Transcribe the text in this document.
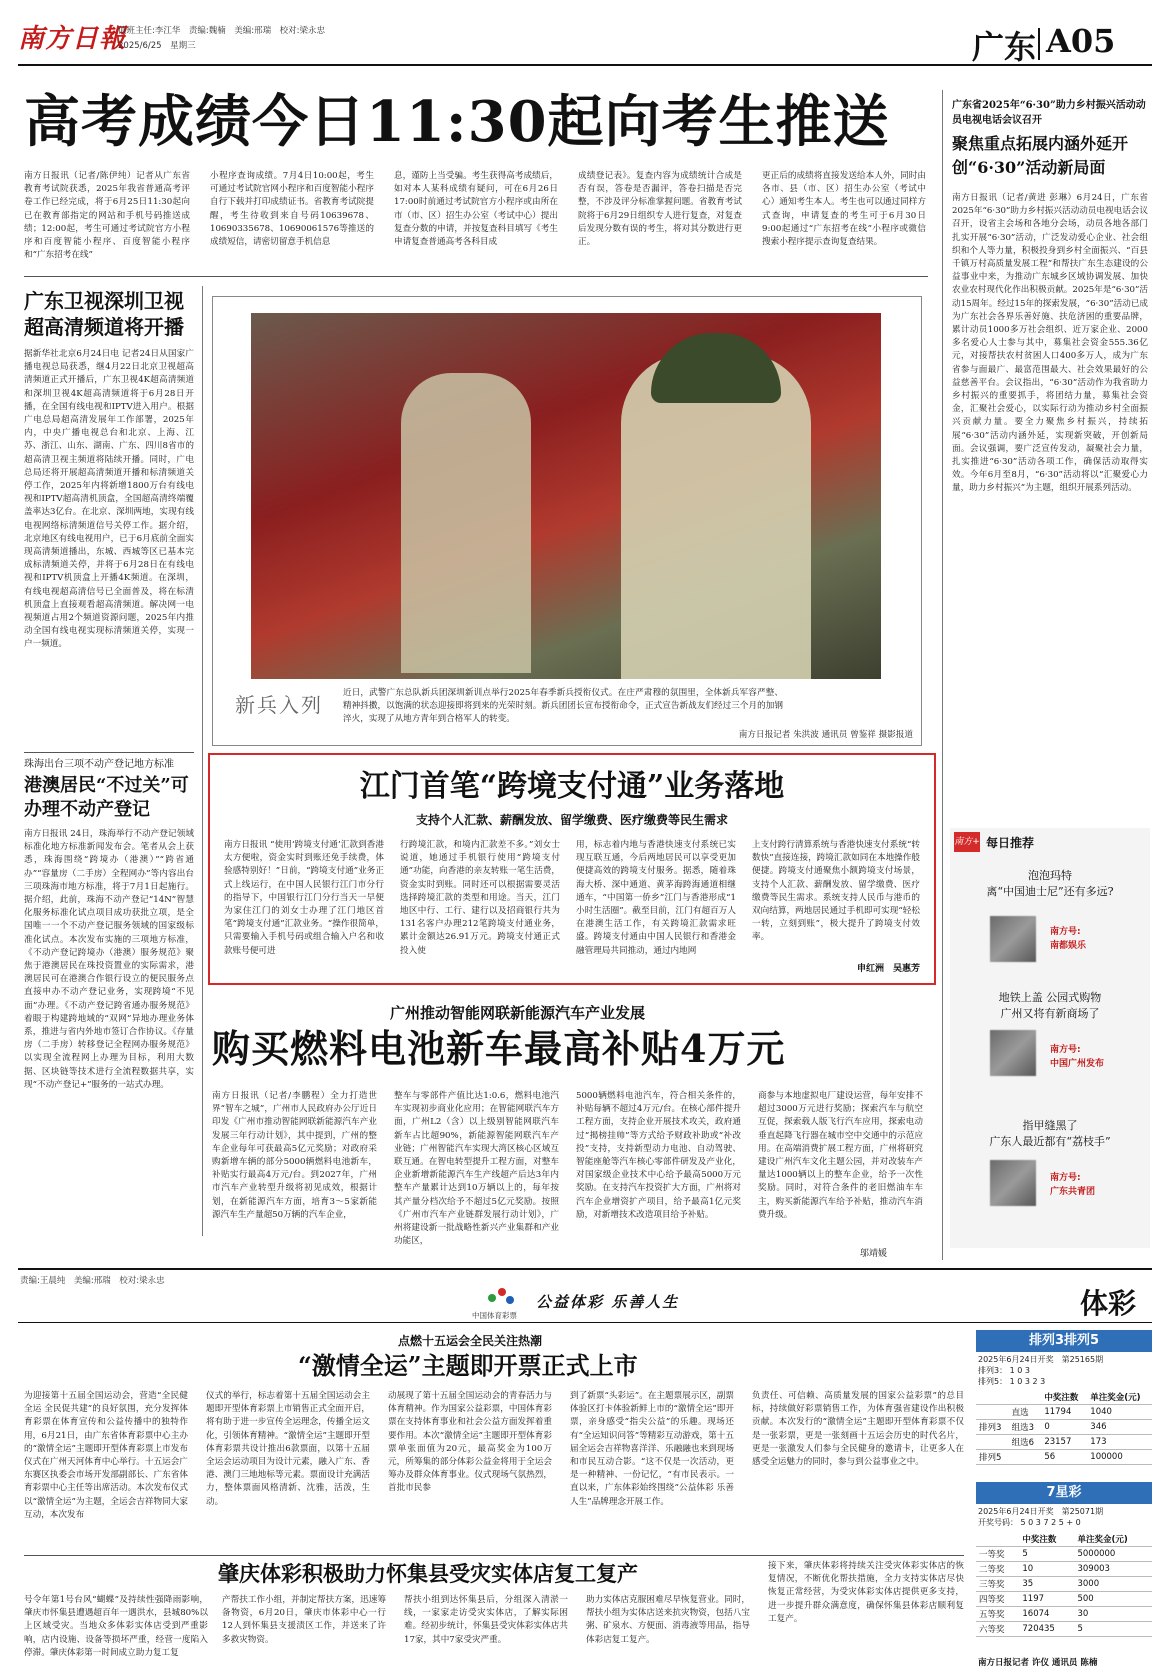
南方日報
值班主任:李江华　责编:魏楠　美编:邢瑞　校对:梁永忠
2025/6/25　星期三	广东 A05
高考成绩今日11:30起向考生推送
南方日报讯（记者/陈伊纯）记者从广东省教育考试院获悉，2025年我省普通高考评卷工作已经完成，将于6月25日11:30起向已在教育部指定的网站和手机号码推送成绩；12:00起，考生可通过考试院官方小程序和百度智能小程序、百度智能小程序和“广东招考在线”
小程序查询成绩。7月4日10:00起，考生可通过考试院官网小程序和百度智能小程序自行下载并打印成绩证书。省教育考试院提醒，考生待收到来自号码10639678、10690335678、10690061576等推送的成绩短信，请密切留意手机信息
息，谨防上当受骗。考生获得高考成绩后，如对本人某科成绩有疑问，可在6月26日17:00时前通过考试院官方小程序或由所在市（市、区）招生办公室（考试中心）提出复查分数的申请，并按复查科目填写《考生申请复查普通高考各科目成
成绩登记表》。复查内容为成绩统计合成是否有误，答卷是否漏评，答卷扫描是否完整，不涉及评分标准掌握问题。省教育考试院将于6月29日组织专人进行复查，对复查后发现分数有误的考生，将对其分数进行更正。
更正后的成绩将直接发送给本人外，同时由各市、县（市、区）招生办公室（考试中心）通知考生本人。考生也可以通过同样方式查询，申请复查的考生可于6月30日9:00起通过“广东招考在线”小程序或微信搜索小程序提示查询复查结果。
广东卫视深圳卫视超高清频道将开播
据新华社北京6月24日电 记者24日从国家广播电视总局获悉，继4月22日北京卫视超高清频道正式开播后，广东卫视4K超高清频道和深圳卫视4K超高清频道将于6月28日开播，在全国有线电视和IPTV进入用户。根据广电总局超高清发展年工作部署，2025年内，中央广播电视总台和北京、上海、江苏、浙江、山东、湖南、广东、四川8省市的超高清卫视主频道将陆续开播。同时，广电总局还将开展超高清频道开播和标清频道关停工作，2025年内将新增1800万台有线电视和IPTV超高清机顶盒，全国超高清终端覆盖率达3亿台。在北京、深圳两地，实现有线电视网络标清频道信号关停工作。据介绍，北京地区有线电视用户，已于6月底前全面实现高清频道播出，东城、西城等区已基本完成标清频道关停，并将于6月28日在有线电视和IPTV机顶盒上开播4K频道。在深圳，有线电视超高清信号已全面普及，将在标清机顶盒上直接观看超高清频道。解决网一电视频道占用2个频道资源问题，2025年内推动全国有线电视实现标清频道关停，实现一户一频道。
新兵入列 近日，武警广东总队新兵团深圳新训点举行2025年春季新兵授衔仪式。在庄严肃穆的氛围里，全体新兵军容严整、精神抖擞，以饱满的状态迎接即将到来的光荣时刻。新兵团团长宣布授衔命令，正式宣告新战友们经过三个月的加钢淬火，实现了从地方青年到合格军人的转变。
南方日报记者 朱洪波 通讯员 曾鉴祥 摄影报道
珠海出台三项不动产登记地方标准
港澳居民“不过关”可办理不动产登记
南方日报讯 24日，珠海举行不动产登记领域标准化地方标准新闻发布会。笔者从会上获悉，珠海围绕“跨境办（港澳）”“跨省通办”“容量房（二手房）全程网办”等内容出台三项珠海市地方标准，将于7月1日起施行。据介绍，此前，珠海不动产登记“14N”智慧化服务标准化试点项目成功获批立项，是全国唯一一个不动产登记服务领域的国家级标准化试点。本次发布实施的三项地方标准，《不动产登记跨境办（港澳）服务规范》聚焦于港澳居民在珠投资置业的实际需求，港澳居民可在港澳合作银行设立的便民服务点直接申办不动产登记业务，实现跨境“不见面”办理。《不动产登记跨省通办服务规范》着眼于构建跨地域的“双网”异地办理业务体系，推进与省内外地市签订合作协议。《存量房（二手房）转移登记全程网办服务规范》以实现全流程网上办理为目标，利用大数据、区块链等技术进行全流程数据共享，实现“不动产登记+”服务的一站式办理。
江门首笔“跨境支付通”业务落地
支持个人汇款、薪酬发放、留学缴费、医疗缴费等民生需求
南方日报讯 “使用‘跨境支付通’汇款到香港太方便啦，资金实时到账还免手续费，体验感特别好！”日前，“跨境支付通”业务正式上线运行，在中国人民银行江门市分行的指导下，中国银行江门分行当天一早便为家住江门的刘女士办理了江门地区首笔“跨境支付通”汇款业务。“操作很简单，只需要输入手机号码或组合输入户名和收款账号便可进
行跨境汇款，和境内汇款差不多。”刘女士说道，她通过手机银行使用“跨境支付通”功能，向香港的亲友转账一笔生活费，资金实时到账。同时还可以根据需要灵活选择跨境汇款的类型和用途。当天，江门地区中行、工行、建行以及招商银行共为131名客户办理212笔跨境支付通业务，累计金额达26.91万元。跨境支付通正式投入使
用，标志着内地与香港快速支付系统已实现互联互通，今后两地居民可以享受更加便捷高效的跨境支付服务。据悉，随着珠海大桥、深中通道、黄茅海跨海通道相继通车，“中国第一侨乡”江门与香港形成“1小时生活圈”。截至目前，江门有超百万人在港澳生活工作，有关跨境汇款需求旺盛。跨境支付通由中国人民银行和香港金融管理局共同推动，通过内地网
上支付跨行清算系统与香港快速支付系统“转数快”直接连接，跨境汇款如同在本地操作般便捷。跨境支付通聚焦小额跨境支付场景，支持个人汇款、薪酬发放、留学缴费、医疗缴费等民生需求。系统支持人民币与港币的双向结算，两地居民通过手机即可实现“轻松一转，立刻到账”，极大提升了跨境支付效率。
申红洲　吴惠芳
广州推动智能网联新能源汽车产业发展
购买燃料电池新车最高补贴4万元
南方日报讯（记者/李鹏程）全力打造世界“智车之城”，广州市人民政府办公厅近日印发《广州市推动智能网联新能源汽车产业发展三年行动计划》，其中提到，广州的整车企业每年可获最高5亿元奖励；对政府采购新增车辆的部分5000辆燃料电池新车，补贴实行最高4万元/台。到2027年，广州市汽车产业转型升级将初见成效，根据计划，在新能源汽车方面，培育3～5家新能源汽车生产量超50万辆的汽车企业，
整车与零部件产值比达1:0.6，燃料电池汽车实现初步商业化应用；在智能网联汽车方面，广州L2（含）以上级别智能网联汽车新车占比超90%，新能源智能网联汽车产业链；广州智能汽车实现大湾区核心区域互联互通。在智电转型提升工程方面，对整车企业新增新能源汽车生产线超产后达3年内整车产量累计达到10万辆以上的，每年按其产量分档次给予不超过5亿元奖励。按照《广州市汽车产业链群发展行动计划》，广州将建设新一批战略性新兴产业集群和产业功能区，
5000辆燃料电池汽车，符合相关条件的，补贴每辆不超过4万元/台。在核心部件提升工程方面，支持企业开展技术攻关，政府通过“揭榜挂帅”等方式给予财政补助或“补改投”支持，支持新型动力电池、自动驾驶、智能座舱等汽车核心零部件研发及产业化，对国家级企业技术中心给予最高5000万元奖励。在支持汽车投资扩大方面，广州将对汽车企业增资扩产项目，给予最高1亿元奖励，对新增技术改造项目给予补贴。
商参与本地虚拟电厂建设运营，每年安排不超过3000万元进行奖励；探索汽车与航空互促，探索载人版飞行汽车应用，探索电动垂直起降飞行器在城市空中交通中的示范应用。在高端消费扩展工程方面，广州将研究建设广州汽车文化主题公园，并对改装车产量达1000辆以上的整车企业，给予一次性奖励。同时，对符合条件的老旧燃油车车主，购买新能源汽车给予补贴，推动汽车消费升级。
邬靖媛
广东省2025年“6·30”助力乡村振兴活动动员电视电话会议召开
聚焦重点拓展内涵外延开创“6·30”活动新局面
南方日报讯（记者/黄进 彭琳）6月24日，广东省2025年“6·30”助力乡村振兴活动动员电视电话会议召开，设省主会场和各地分会场，动员各地各部门扎实开展“6·30”活动，广泛发动爱心企业、社会组织和个人等力量，积极投身到乡村全面振兴、“百县千镇万村高质量发展工程”和帮扶广东生态建设的公益事业中来，为推动广东城乡区域协调发展、加快农业农村现代化作出积极贡献。2025年是“6·30”活动15周年。经过15年的探索发展，“6·30”活动已成为广东社会各界乐善好施、扶危济困的重要品牌，累计动员1000多万社会组织、近万家企业、2000多名爱心人士参与其中，募集社会资金555.36亿元，对接帮扶农村贫困人口400多万人，成为广东省参与面最广、最富范围最大、社会效果最好的公益慈善平台。会议指出，“6·30”活动作为我省助力乡村振兴的重要抓手，将团结力量，募集社会资金，汇聚社会爱心，以实际行动为推动乡村全面振兴贡献力量。要全力聚焦乡村振兴，持续拓展“6·30”活动内涵外延，实现新突破，开创新局面。会议强调，要广泛宣传发动，凝聚社会力量，扎实推进“6·30”活动各项工作，确保活动取得实效。今年6月至8月，“6·30”活动将以“汇聚爱心力量，助力乡村振兴”为主题，组织开展系列活动。
南方+ 每日推荐
泡泡玛特
离“中国迪士尼”还有多远?
南方号:
南都娱乐
地铁上盖 公园式购物
广州又将有新商场了
南方号:
中国广州发布
指甲缝黑了
广东人最近都有“荔枝手”
南方号:
广东共青团
责编:王晨纯　美编:邢瑞　校对:梁永忠
中国体育彩票
公益体彩 乐善人生	体彩
点燃十五运会全民关注热潮
“激情全运”主题即开票正式上市
为迎接第十五届全国运动会，营造“全民健全运 全民促共建”的良好氛围，充分发挥体育彩票在体育宣传和公益传播中的独特作用，6月21日，由广东省体育彩票中心主办的“激情全运”主题即开型体育彩票上市发布仪式在广州天河体育中心举行。十五运会广东赛区执委会市场开发部副部长、广东省体育彩票中心主任等出席活动。本次发布仪式以“激情全运”为主题，全运会吉祥物同大家互动，本次发布
仪式的举行，标志着第十五届全国运动会主题即开型体育彩票上市销售正式全面开启，将有助于进一步宣传全运理念，传播全运文化，引领体育精神。“激情全运”主题即开型体育彩票共设计推出6款票面，以第十五届全运会运动项目为设计元素，融入广东、香港、澳门三地地标等元素。票面设计充满活力，整体票面风格清新、沈雅，活泼，生动。
动展现了第十五届全国运动会的青春活力与体育精神。作为国家公益彩票，中国体育彩票在支持体育事业和社会公益方面发挥着重要作用。本次“激情全运”主题即开型体育彩票单张面值为20元，最高奖金为100万元，所筹集的部分体彩公益金将用于全运会筹办及群众体育事业。仪式现场气氛热烈，首批市民参
到了新票“头彩运”。在主题票展示区，副票体验区打卡体验新鲜上市的“激情全运”即开票，亲身感受“指尖公益”的乐趣。现场还有“全运知识问答”等精彩互动游戏，第十五届全运会吉祥物喜洋洋、乐融融也来到现场和市民互动合影。“这不仅是一次活动，更是一种精神、一份记忆，“有市民表示。一直以来，广东体彩始终围绕“公益体彩 乐善人生”品牌理念开展工作。
负责任、可信赖、高质量发展的国家公益彩票”的总目标，持续做好彩票销售工作，为体育强省建设作出积极贡献。本次发行的“激情全运”主题即开型体育彩票不仅是一张彩票，更是一张刻画十五运会历史的时代名片，更是一张激发人们参与全民健身的邀请卡，让更多人在感受全运魅力的同时，参与到公益事业之中。
肇庆体彩积极助力怀集县受灾实体店复工复产
号令年第1号台风“蝴蝶”及持续性强降雨影响，肇庆市怀集县遭遇超百年一遇洪水，县城80%以上区域受灾。当地众多体彩实体店受到严重影响，店内设施、设备等损坏严重，经营一度陷入停滞。肇庆体彩第一时间成立助力复工复
产帮扶工作小组，并制定帮扶方案，迅速筹备物资，6月20日，肇庆市体彩中心一行12人到怀集县支援渍区工作，并送来了许多救灾物资。
帮扶小组到达怀集县后，分组深入清淤一线，一家家走访受灾实体店，了解实际困难。经初步统计，怀集县受灾体彩实体店共17家，其中7家受灾严重。
助力实体店克服困难尽早恢复营业。同时，帮扶小组为实体店送来抗灾物资，包括八宝粥、矿泉水、方便面、消毒液等用品，指导体彩店复工复产。
接下来，肇庆体彩将持续关注受灾体彩实体店的恢复情况，不断优化帮扶措施，全力支持实体店尽快恢复正常经营，为受灾体彩实体店提供更多支持，进一步提升群众满意度，确保怀集县体彩店顺利复工复产。
排列3排列5
2025年6月24日开奖　第25165期
排列3： 1 0 3
排列5： 1 0 3 2 3
		中奖注数	单注奖金(元)
	直选	11794	1040
排列3	组选3	0	346
	组选6	23157	173
排列5		56	100000
7星彩
2025年6月24日开奖　第25071期
开奖号码： 5 0 3 7 2 5 + 0
	中奖注数	单注奖金(元)
一等奖	5	5000000
二等奖	10	309003
三等奖	35	3000
四等奖	1197	500
五等奖	16074	30
六等奖	720435	5
南方日报记者 许仪 通讯员 陈楠
